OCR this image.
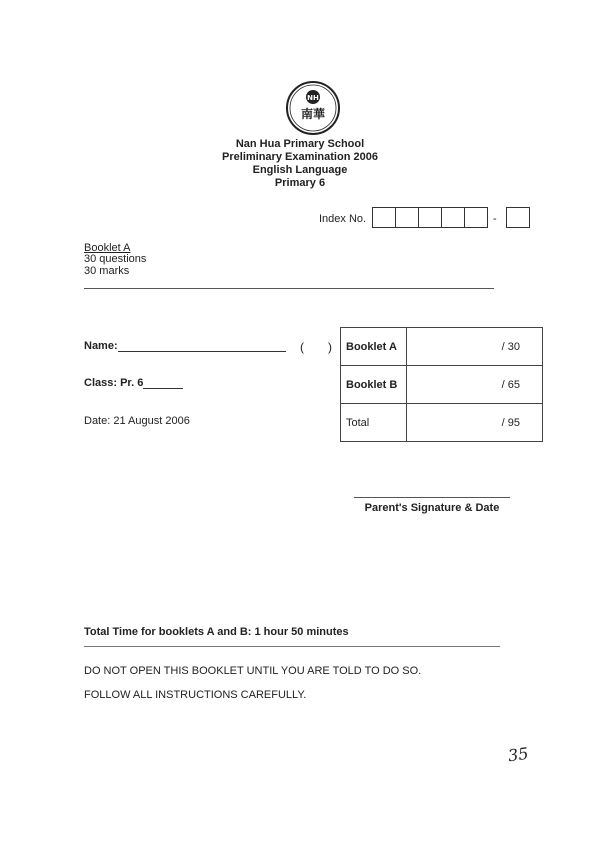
NH
南華
Nan Hua Primary School
Preliminary Examination 2006
English Language
Primary 6
Index No.	-
Booklet A
30 questions
30 marks
Name:	( )
Class: Pr. 6
Date: 21 August 2006
Booklet A	/ 30
Booklet B	/ 65
Total	/ 95
Parent's Signature & Date
Total Time for booklets A and B: 1 hour 50 minutes
DO NOT OPEN THIS BOOKLET UNTIL YOU ARE TOLD TO DO SO.
FOLLOW ALL INSTRUCTIONS CAREFULLY.
35
